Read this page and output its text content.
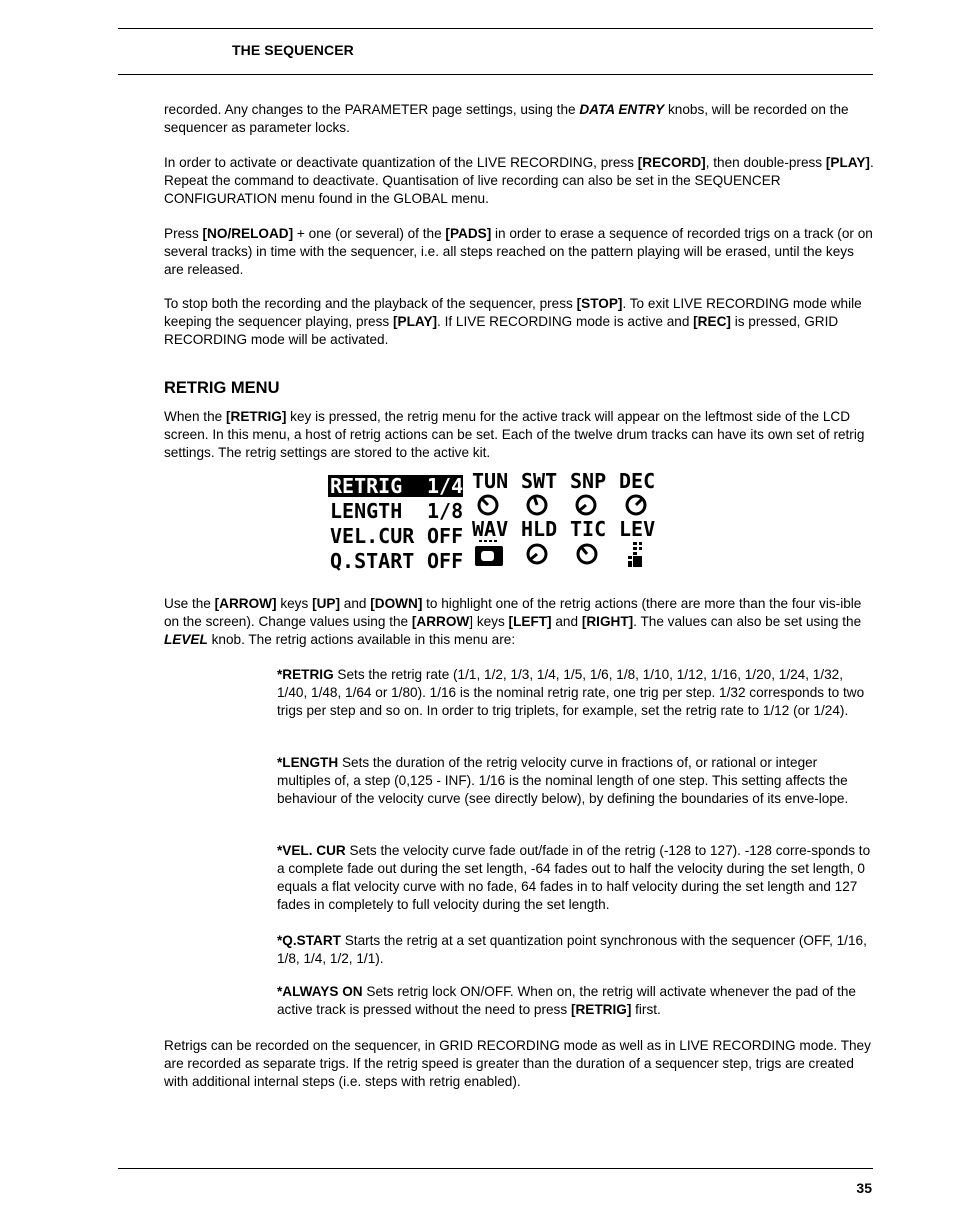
THE SEQUENCER

recorded. Any changes to the PARAMETER page settings, using the DATA ENTRY knobs, will be recorded on the sequencer as parameter locks.

In order to activate or deactivate quantization of the LIVE RECORDING, press [RECORD], then double-press [PLAY]. Repeat the command to deactivate. Quantisation of live recording can also be set in the SEQUENCER CONFIGURATION menu found in the GLOBAL menu.

Press [NO/RELOAD] + one (or several) of the [PADS] in order to erase a sequence of recorded trigs on a track (or on several tracks) in time with the sequencer, i.e. all steps reached on the pattern playing will be erased, until the keys are released.

To stop both the recording and the playback of the sequencer, press [STOP]. To exit LIVE RECORDING mode while keeping the sequencer playing, press [PLAY]. If LIVE RECORDING mode is active and [REC] is pressed, GRID RECORDING mode will be activated.

RETRIG MENU

When the [RETRIG] key is pressed, the retrig menu for the active track will appear on the leftmost side of the LCD screen. In this menu, a host of retrig actions can be set. Each of the twelve drum tracks can have its own set of retrig settings. The retrig settings are stored to the active kit.

RETRIG 1/4
LENGTH 1/8
VEL.CUR OFF
Q.START OFF
TUN SWT SNP DEC
WAV HLD TIC LEV

Use the [ARROW] keys [UP] and [DOWN] to highlight one of the retrig actions (there are more than the four vis-ible on the screen). Change values using the [ARROW] keys [LEFT] and [RIGHT]. The values can also be set using the LEVEL knob. The retrig actions available in this menu are:

*RETRIG Sets the retrig rate (1/1, 1/2, 1/3, 1/4, 1/5, 1/6, 1/8, 1/10, 1/12, 1/16, 1/20, 1/24, 1/32, 1/40, 1/48, 1/64 or 1/80). 1/16 is the nominal retrig rate, one trig per step. 1/32 corresponds to two trigs per step and so on. In order to trig triplets, for example, set the retrig rate to 1/12 (or 1/24).

*LENGTH Sets the duration of the retrig velocity curve in fractions of, or rational or integer multiples of, a step (0,125 - INF). 1/16 is the nominal length of one step. This setting affects the behaviour of the velocity curve (see directly below), by defining the boundaries of its enve-lope.

*VEL. CUR Sets the velocity curve fade out/fade in of the retrig (-128 to 127). -128 corre-sponds to a complete fade out during the set length, -64 fades out to half the velocity during the set length, 0 equals a flat velocity curve with no fade, 64 fades in to half velocity during the set length and 127 fades in completely to full velocity during the set length.

*Q.START Starts the retrig at a set quantization point synchronous with the sequencer (OFF, 1/16, 1/8, 1/4, 1/2, 1/1).

*ALWAYS ON Sets retrig lock ON/OFF. When on, the retrig will activate whenever the pad of the active track is pressed without the need to press [RETRIG] first.

Retrigs can be recorded on the sequencer, in GRID RECORDING mode as well as in LIVE RECORDING mode. They are recorded as separate trigs. If the retrig speed is greater than the duration of a sequencer step, trigs are created with additional internal steps (i.e. steps with retrig enabled).

35
